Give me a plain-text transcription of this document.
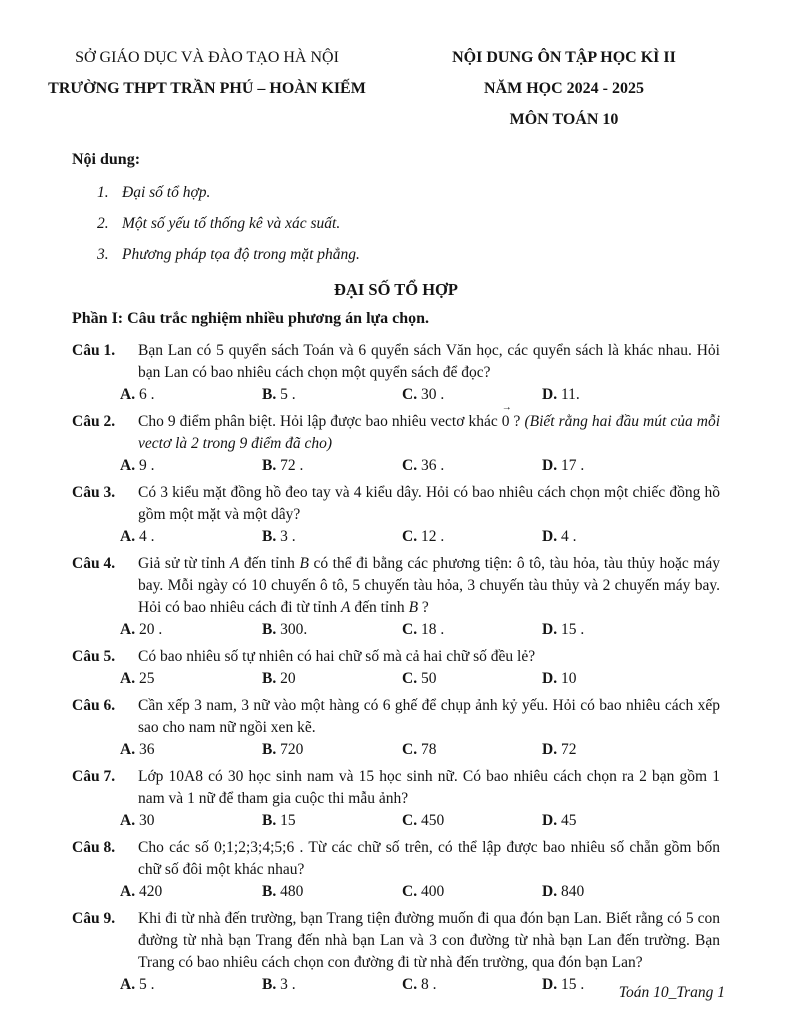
SỞ GIÁO DỤC VÀ ĐÀO TẠO HÀ NỘI
TRƯỜNG THPT TRẦN PHÚ – HOÀN KIẾM
NỘI DUNG ÔN TẬP HỌC KÌ II
NĂM HỌC 2024 - 2025
MÔN TOÁN 10
Nội dung:
1. Đại số tổ hợp.
2. Một số yếu tố thống kê và xác suất.
3. Phương pháp tọa độ trong mặt phẳng.
ĐẠI SỐ TỔ HỢP
Phần I: Câu trắc nghiệm nhiều phương án lựa chọn.
Câu 1. Bạn Lan có 5 quyển sách Toán và 6 quyển sách Văn học, các quyển sách là khác nhau. Hỏi bạn Lan có bao nhiêu cách chọn một quyển sách để đọc?
A. 6 .	B. 5 .	C. 30 .	D. 11.
Câu 2. Cho 9 điểm phân biệt. Hỏi lập được bao nhiêu vectơ khác
→
0 ? (Biết rằng hai đầu mút của mỗi vectơ là 2 trong 9 điểm đã cho)
A. 9 .	B. 72 .	C. 36 .	D. 17 .
Câu 3. Có 3 kiểu mặt đồng hồ đeo tay và 4 kiểu dây. Hỏi có bao nhiêu cách chọn một chiếc đồng hồ gồm một mặt và một dây?
A. 4 .	B. 3 .	C. 12 .	D. 4 .
Câu 4. Giả sử từ tỉnh A đến tỉnh B có thể đi bằng các phương tiện: ô tô, tàu hỏa, tàu thủy hoặc máy bay. Mỗi ngày có 10 chuyến ô tô, 5 chuyến tàu hỏa, 3 chuyến tàu thủy và 2 chuyến máy bay. Hỏi có bao nhiêu cách đi từ tỉnh A đến tỉnh B ?
A. 20 .	B. 300.	C. 18 .	D. 15 .
Câu 5. Có bao nhiêu số tự nhiên có hai chữ số mà cả hai chữ số đều lẻ?
A. 25	B. 20	C. 50	D. 10
Câu 6. Cần xếp 3 nam, 3 nữ vào một hàng có 6 ghế để chụp ảnh kỷ yếu. Hỏi có bao nhiêu cách xếp sao cho nam nữ ngồi xen kẽ.
A. 36	B. 720	C. 78	D. 72
Câu 7. Lớp 10A8 có 30 học sinh nam và 15 học sinh nữ. Có bao nhiêu cách chọn ra 2 bạn gồm 1 nam và 1 nữ để tham gia cuộc thi mẫu ảnh?
A. 30	B. 15	C. 450	D. 45
Câu 8. Cho các số 0;1;2;3;4;5;6 . Từ các chữ số trên, có thể lập được bao nhiêu số chẵn gồm bốn chữ số đôi một khác nhau?
A. 420	B. 480	C. 400	D. 840
Câu 9. Khi đi từ nhà đến trường, bạn Trang tiện đường muốn đi qua đón bạn Lan. Biết rằng có 5 con đường từ nhà bạn Trang đến nhà bạn Lan và 3 con đường từ nhà bạn Lan đến trường. Bạn Trang có bao nhiêu cách chọn con đường đi từ nhà đến trường, qua đón bạn Lan?
A. 5 .	B. 3 .	C. 8 .	D. 15 .	Toán 10_Trang 1
